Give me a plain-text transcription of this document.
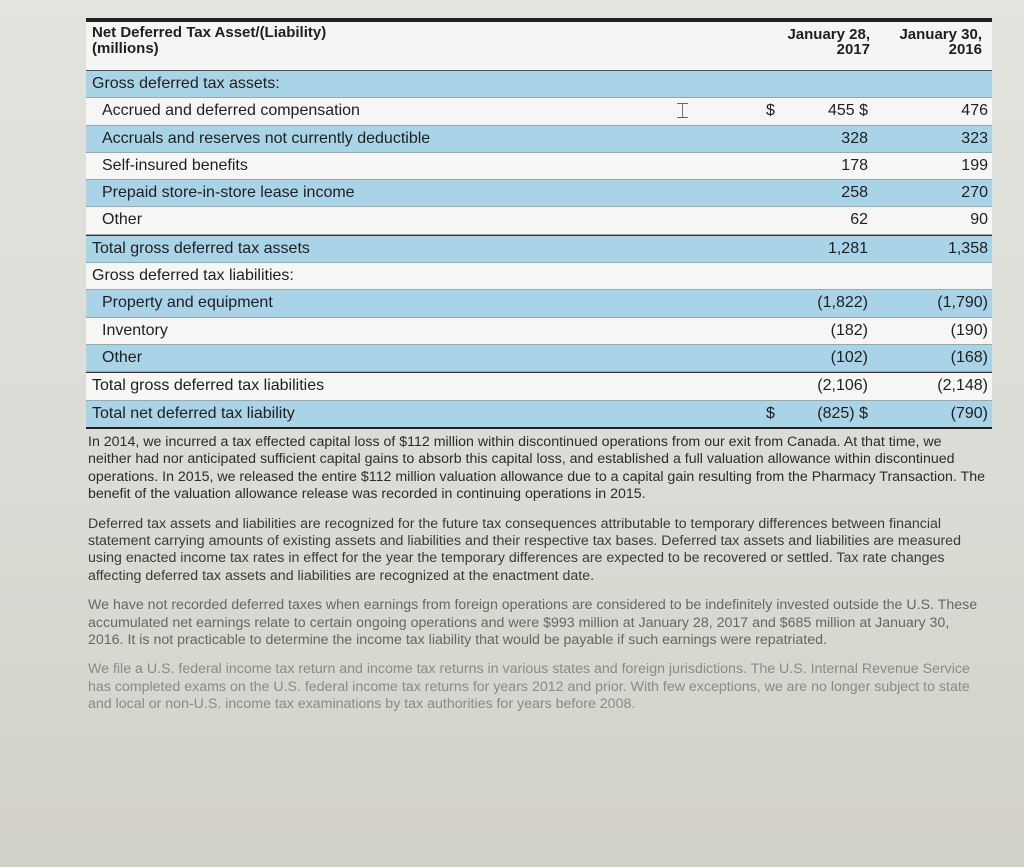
Net Deferred Tax Asset/(Liability)
(millions)
January 28,
2017
January 30,
2016
Gross deferred tax assets:
Accrued and deferred compensation	⌶	$	455 $	476
Accruals and reserves not currently deductible	328	323
Self-insured benefits	178	199
Prepaid store-in-store lease income	258	270
Other	62	90
Total gross deferred tax assets	1,281	1,358
Gross deferred tax liabilities:
Property and equipment	(1,822)	(1,790)
Inventory	(182)	(190)
Other	(102)	(168)
Total gross deferred tax liabilities	(2,106)	(2,148)
Total net deferred tax liability	$	(825) $	(790)

In 2014, we incurred a tax effected capital loss of $112 million within discontinued operations from our exit from Canada. At that time, we neither had nor anticipated sufficient capital gains to absorb this capital loss, and established a full valuation allowance within discontinued operations. In 2015, we released the entire $112 million valuation allowance due to a capital gain resulting from the Pharmacy Transaction. The benefit of the valuation allowance release was recorded in continuing operations in 2015.

Deferred tax assets and liabilities are recognized for the future tax consequences attributable to temporary differences between financial statement carrying amounts of existing assets and liabilities and their respective tax bases. Deferred tax assets and liabilities are measured using enacted income tax rates in effect for the year the temporary differences are expected to be recovered or settled. Tax rate changes affecting deferred tax assets and liabilities are recognized at the enactment date.

We have not recorded deferred taxes when earnings from foreign operations are considered to be indefinitely invested outside the U.S. These accumulated net earnings relate to certain ongoing operations and were $993 million at January 28, 2017 and $685 million at January 30, 2016. It is not practicable to determine the income tax liability that would be payable if such earnings were repatriated.

We file a U.S. federal income tax return and income tax returns in various states and foreign jurisdictions. The U.S. Internal Revenue Service has completed exams on the U.S. federal income tax returns for years 2012 and prior. With few exceptions, we are no longer subject to state and local or non-U.S. income tax examinations by tax authorities for years before 2008.
